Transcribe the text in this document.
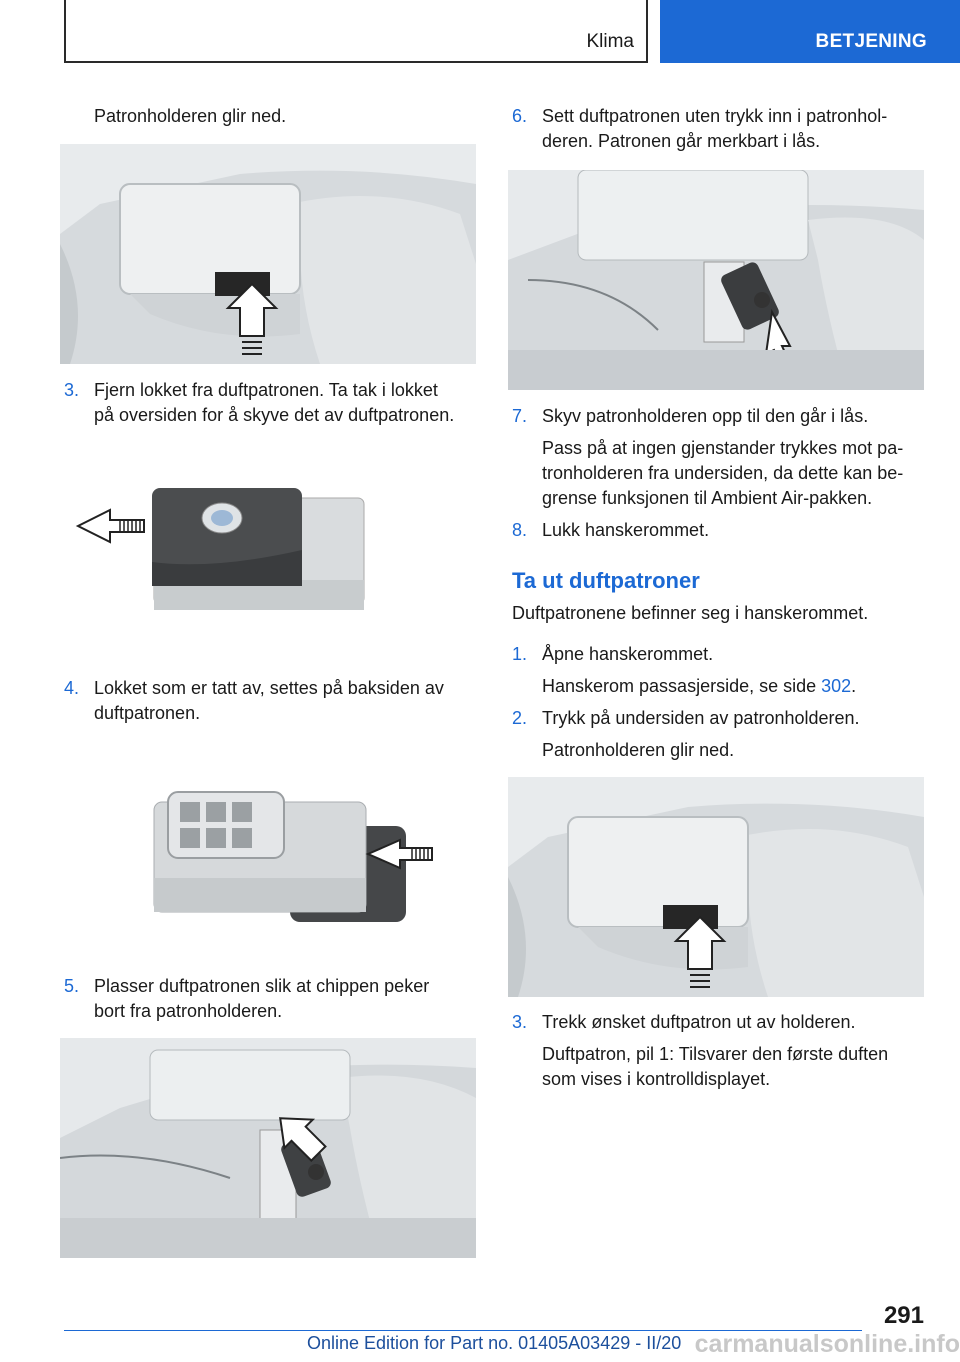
Klima	BETJENING
Patronholderen glir ned.
3. Fjern lokket fra duftpatronen. Ta tak i lokket
på oversiden for å skyve det av duftpatronen.
4. Lokket som er tatt av, settes på baksiden av
duftpatronen.
5. Plasser duftpatronen slik at chippen peker
bort fra patronholderen.
6. Sett duftpatronen uten trykk inn i patronhol-
deren. Patronen går merkbart i lås.
7. Skyv patronholderen opp til den går i lås.
Pass på at ingen gjenstander trykkes mot pa-
tronholderen fra undersiden, da dette kan be-
grense funksjonen til Ambient Air-pakken.
8. Lukk hanskerommet.
Ta ut duftpatroner
Duftpatronene befinner seg i hanskerommet.
1. Åpne hanskerommet.
Hanskerom passasjerside, se side 302.
2. Trykk på undersiden av patronholderen.
Patronholderen glir ned.
3. Trekk ønsket duftpatron ut av holderen.
Duftpatron, pil 1: Tilsvarer den første duften
som vises i kontrolldisplayet.
291
Online Edition for Part no. 01405A03429 - II/20 carmanualsonline.info
